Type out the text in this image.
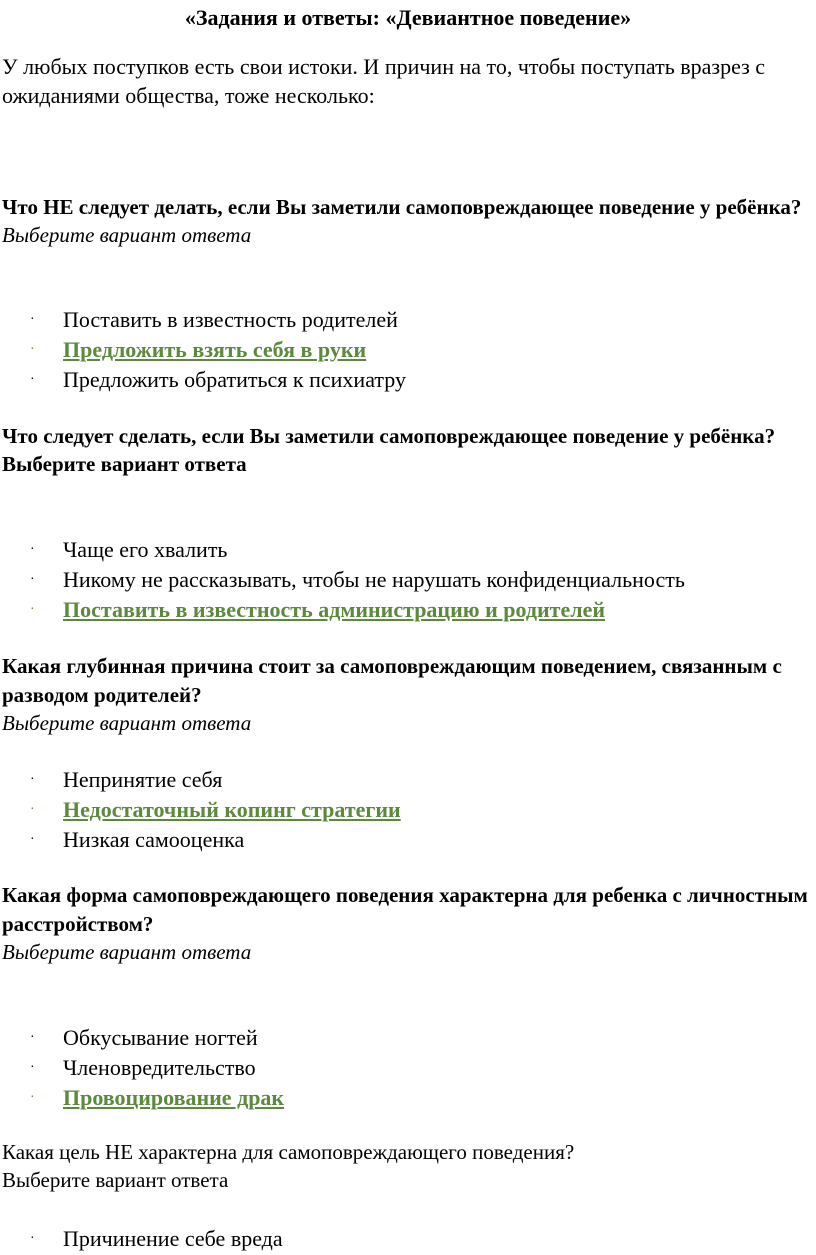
«Задания и ответы: «Девиантное поведение»

У любых поступков есть свои истоки. И причин на то, чтобы поступать вразрез с ожиданиями общества, тоже несколько:

Что НЕ следует делать, если Вы заметили самоповреждающее поведение у ребёнка?

Выберите вариант ответа

· Поставить в известность родителей
· Предложить взять себя в руки
· Предложить обратиться к психиатру

Что следует сделать, если Вы заметили самоповреждающее поведение у ребёнка?

Выберите вариант ответа

· Чаще его хвалить
· Никому не рассказывать, чтобы не нарушать конфиденциальность
· Поставить в известность администрацию и родителей

Какая глубинная причина стоит за самоповреждающим поведением, связанным с разводом родителей?

Выберите вариант ответа

· Непринятие себя
· Недостаточный копинг стратегии
· Низкая самооценка

Какая форма самоповреждающего поведения характерна для ребенка с личностным расстройством?

Выберите вариант ответа

· Обкусывание ногтей
· Членовредительство
· Провоцирование драк

Какая цель НЕ характерна для самоповреждающего поведения?

Выберите вариант ответа

· Причинение себе вреда
